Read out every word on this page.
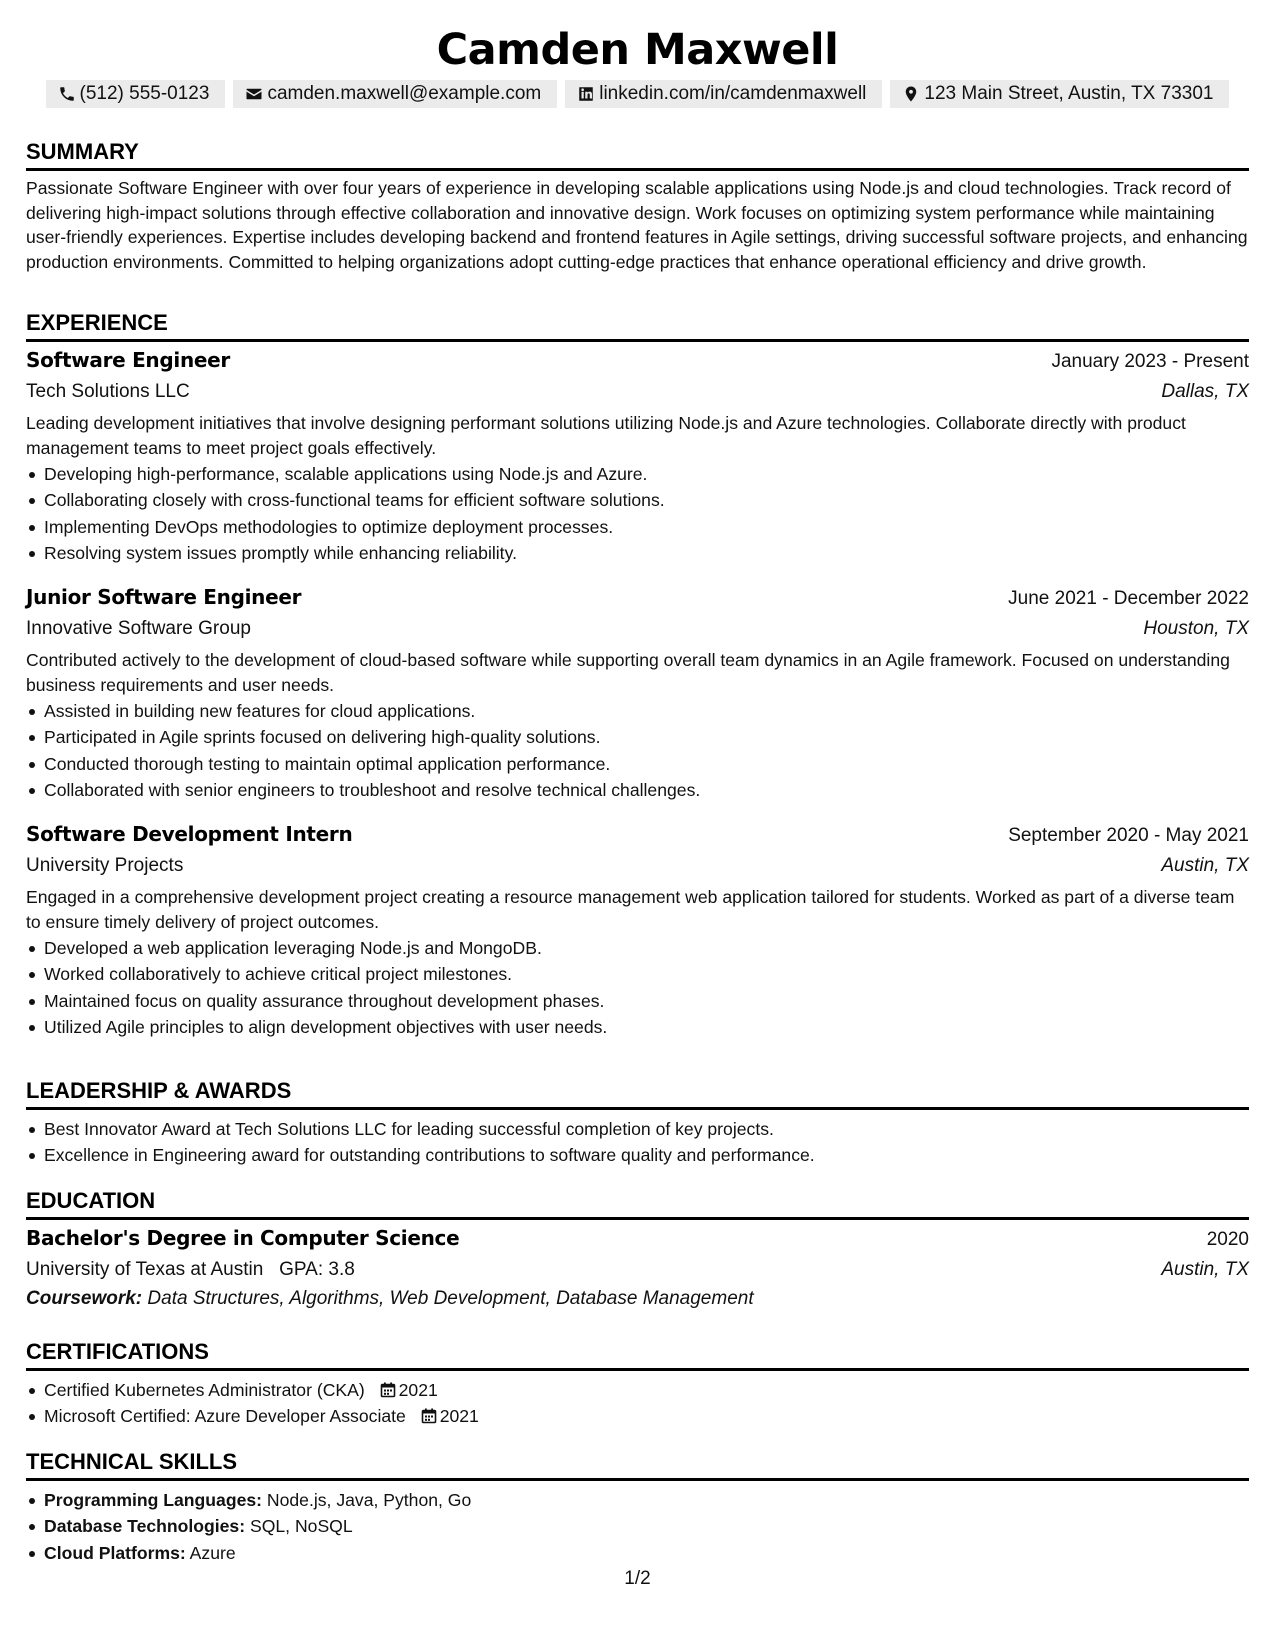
Camden Maxwell
(512) 555-0123	camden.maxwell@example.com	linkedin.com/in/camdenmaxwell	123 Main Street, Austin, TX 73301
SUMMARY
Passionate Software Engineer with over four years of experience in developing scalable applications using Node.js and cloud technologies. Track record of delivering high-impact solutions through effective collaboration and innovative design. Work focuses on optimizing system performance while maintaining user-friendly experiences. Expertise includes developing backend and frontend features in Agile settings, driving successful software projects, and enhancing production environments. Committed to helping organizations adopt cutting-edge practices that enhance operational efficiency and drive growth.
EXPERIENCE
Software Engineer	January 2023 - Present
Tech Solutions LLC	Dallas, TX
Leading development initiatives that involve designing performant solutions utilizing Node.js and Azure technologies. Collaborate directly with product management teams to meet project goals effectively.
Developing high-performance, scalable applications using Node.js and Azure.
Collaborating closely with cross-functional teams for efficient software solutions.
Implementing DevOps methodologies to optimize deployment processes.
Resolving system issues promptly while enhancing reliability.
Junior Software Engineer	June 2021 - December 2022
Innovative Software Group	Houston, TX
Contributed actively to the development of cloud-based software while supporting overall team dynamics in an Agile framework. Focused on understanding business requirements and user needs.
Assisted in building new features for cloud applications.
Participated in Agile sprints focused on delivering high-quality solutions.
Conducted thorough testing to maintain optimal application performance.
Collaborated with senior engineers to troubleshoot and resolve technical challenges.
Software Development Intern	September 2020 - May 2021
University Projects	Austin, TX
Engaged in a comprehensive development project creating a resource management web application tailored for students. Worked as part of a diverse team to ensure timely delivery of project outcomes.
Developed a web application leveraging Node.js and MongoDB.
Worked collaboratively to achieve critical project milestones.
Maintained focus on quality assurance throughout development phases.
Utilized Agile principles to align development objectives with user needs.
LEADERSHIP & AWARDS
Best Innovator Award at Tech Solutions LLC for leading successful completion of key projects.
Excellence in Engineering award for outstanding contributions to software quality and performance.
EDUCATION
Bachelor's Degree in Computer Science	2020
University of Texas at Austin GPA: 3.8	Austin, TX
Coursework: Data Structures, Algorithms, Web Development, Database Management
CERTIFICATIONS
Certified Kubernetes Administrator (CKA) 2021
Microsoft Certified: Azure Developer Associate 2021
TECHNICAL SKILLS
Programming Languages: Node.js, Java, Python, Go
Database Technologies: SQL, NoSQL
Cloud Platforms: Azure
1/2
